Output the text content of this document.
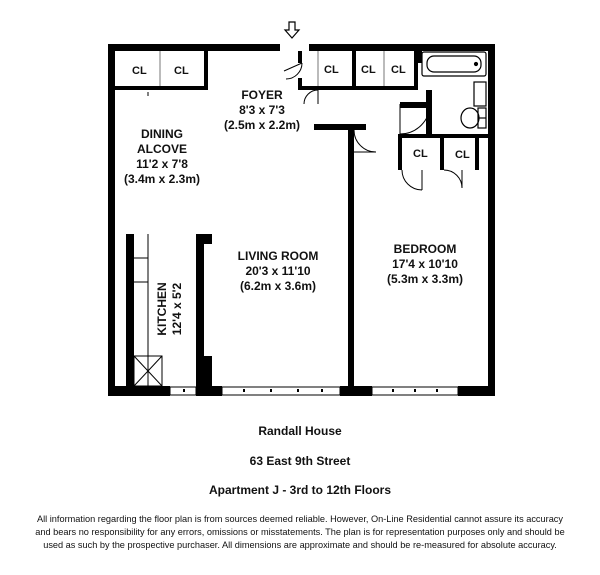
CL CL	CL CL CL
CL CL
FOYER
8'3 x 7'3
(2.5m x 2.2m)
DINING
ALCOVE
11'2 x 7'8
(3.4m x 2.3m)
LIVING ROOM
20'3 x 11'10
(6.2m x 3.6m)
BEDROOM
17'4 x 10'10
(5.3m x 3.3m)
KITCHEN 12'4 x 5'2
Randall House
63 East 9th Street
Apartment J - 3rd to 12th Floors
All information regarding the floor plan is from sources deemed reliable. However, On-Line Residential cannot assure its accuracy and bears no responsibility for any errors, omissions or misstatements. The plan is for representation purposes only and should be used as such by the prospective purchaser. All dimensions are approximate and should be re-measured for absolute accuracy.
